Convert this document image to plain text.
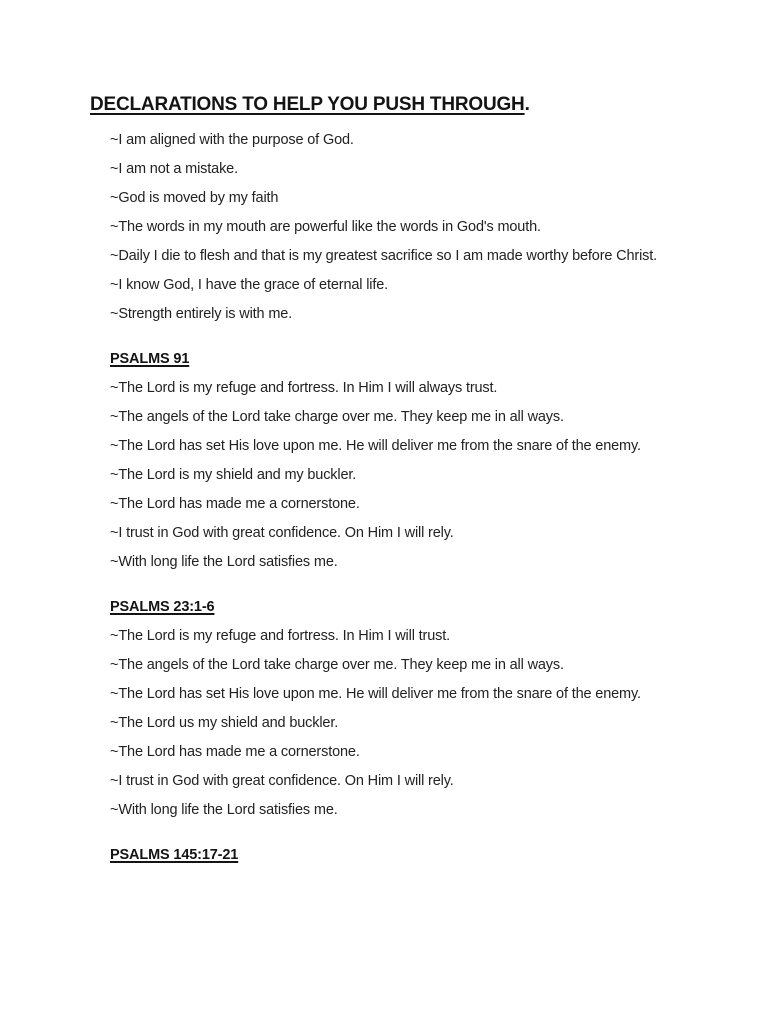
DECLARATIONS TO HELP YOU PUSH THROUGH.

~I am aligned with the purpose of God.

~I am not a mistake.

~God is moved by my faith

~The words in my mouth are powerful like the words in God's mouth.

~Daily I die to flesh and that is my greatest sacrifice so I am made worthy before Christ.

~I know God, I have the grace of eternal life.

~Strength entirely is with me.

PSALMS 91

~The Lord is my refuge and fortress. In Him I will always trust.

~The angels of the Lord take charge over me. They keep me in all ways.

~The Lord has set His love upon me. He will deliver me from the snare of the enemy.

~The Lord is my shield and my buckler.

~The Lord has made me a cornerstone.

~I trust in God with great confidence. On Him I will rely.

~With long life the Lord satisfies me.

PSALMS 23:1-6

~The Lord is my refuge and fortress. In Him I will trust.

~The angels of the Lord take charge over me. They keep me in all ways.

~The Lord has set His love upon me. He will deliver me from the snare of the enemy.

~The Lord us my shield and buckler.

~The Lord has made me a cornerstone.

~I trust in God with great confidence. On Him I will rely.

~With long life the Lord satisfies me.

PSALMS 145:17-21
